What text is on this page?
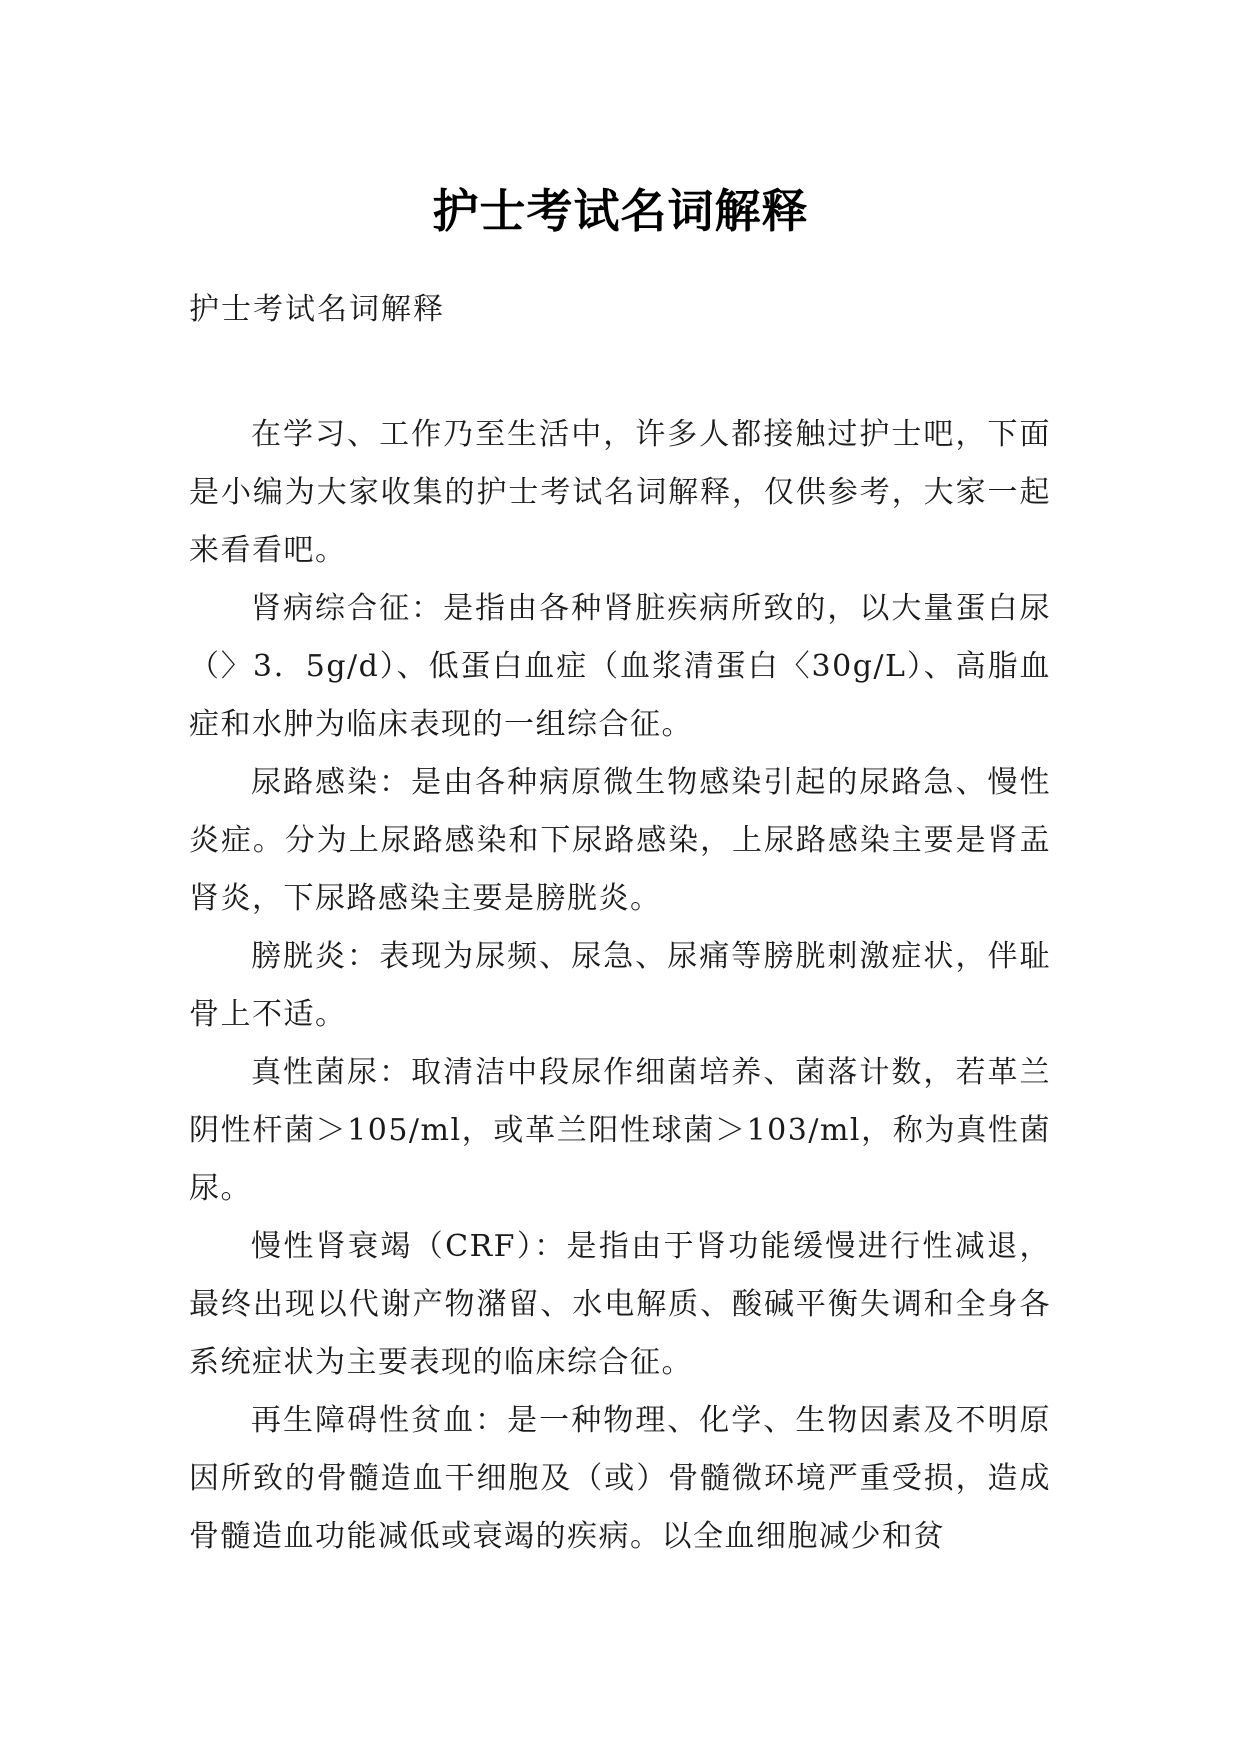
护士考试名词解释

护士考试名词解释

在学习、工作乃至生活中，许多人都接触过护士吧，下面是小编为大家收集的护士考试名词解释，仅供参考，大家一起来看看吧。

肾病综合征：是指由各种肾脏疾病所致的，以大量蛋白尿（〉3．5g/d）、低蛋白血症（血浆清蛋白〈30g/L）、高脂血症和水肿为临床表现的一组综合征。

尿路感染：是由各种病原微生物感染引起的尿路急、慢性炎症。分为上尿路感染和下尿路感染，上尿路感染主要是肾盂肾炎，下尿路感染主要是膀胱炎。

膀胱炎：表现为尿频、尿急、尿痛等膀胱刺激症状，伴耻骨上不适。

真性菌尿：取清洁中段尿作细菌培养、菌落计数，若革兰阴性杆菌＞105/ml，或革兰阳性球菌＞103/ml，称为真性菌尿。

慢性肾衰竭（CRF）：是指由于肾功能缓慢进行性减退，最终出现以代谢产物潴留、水电解质、酸碱平衡失调和全身各系统症状为主要表现的临床综合征。

再生障碍性贫血：是一种物理、化学、生物因素及不明原因所致的骨髓造血干细胞及（或）骨髓微环境严重受损，造成骨髓造血功能减低或衰竭的疾病。以全血细胞减少和贫
